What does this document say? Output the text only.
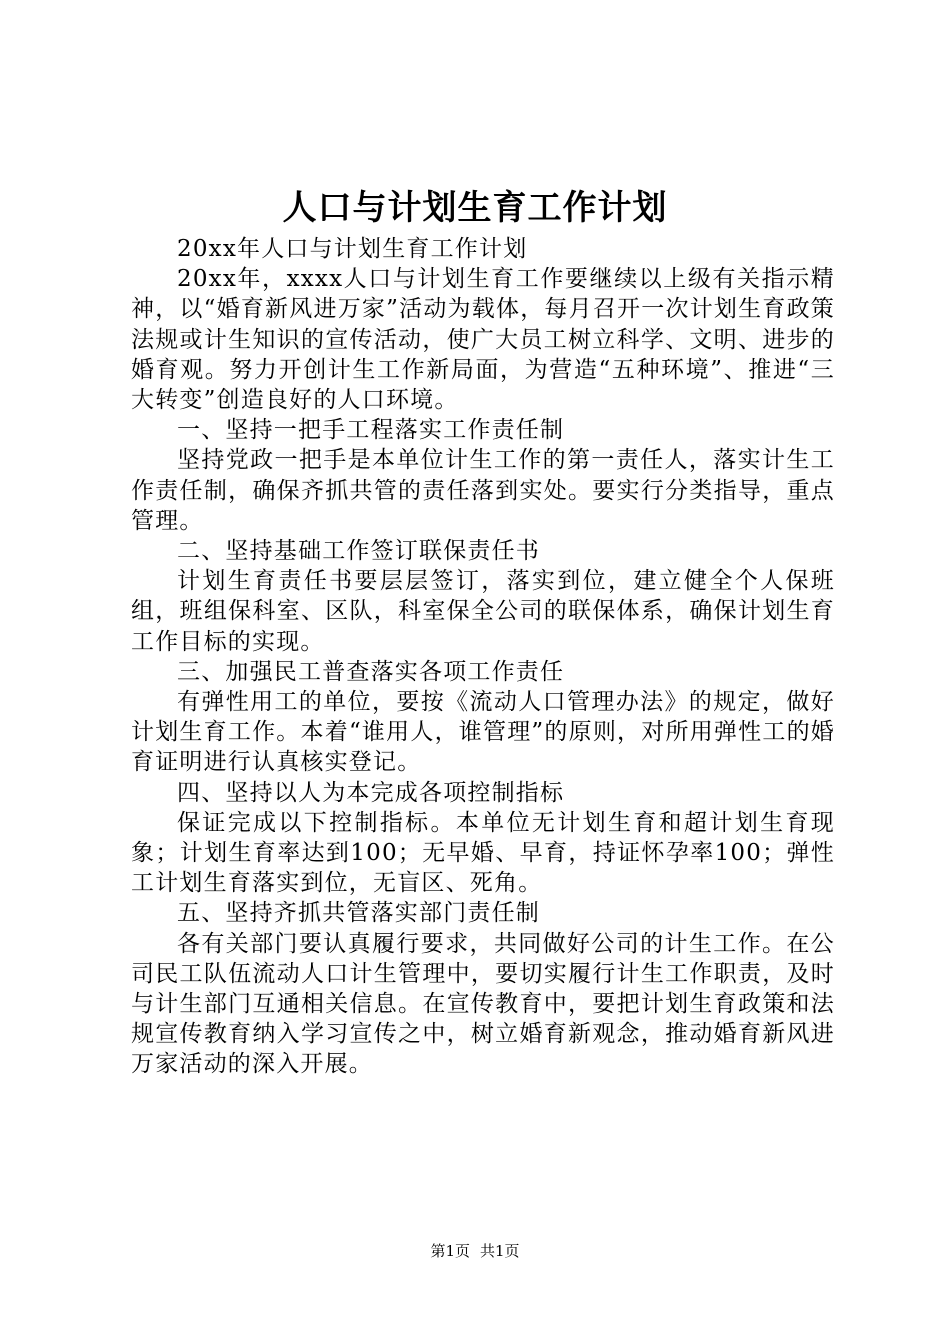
人口与计划生育工作计划

20xx年人口与计划生育工作计划

20xx年，xxxx人口与计划生育工作要继续以上级有关指示精神，以“婚育新风进万家”活动为载体，每月召开一次计划生育政策法规或计生知识的宣传活动，使广大员工树立科学、文明、进步的婚育观。努力开创计生工作新局面，为营造“五种环境”、推进“三大转变”创造良好的人口环境。

一、坚持一把手工程落实工作责任制

坚持党政一把手是本单位计生工作的第一责任人，落实计生工作责任制，确保齐抓共管的责任落到实处。要实行分类指导，重点管理。

二、坚持基础工作签订联保责任书

计划生育责任书要层层签订，落实到位，建立健全个人保班组，班组保科室、区队，科室保全公司的联保体系，确保计划生育工作目标的实现。

三、加强民工普查落实各项工作责任

有弹性用工的单位，要按《流动人口管理办法》的规定，做好计划生育工作。本着“谁用人，谁管理”的原则，对所用弹性工的婚育证明进行认真核实登记。

四、坚持以人为本完成各项控制指标

保证完成以下控制指标。本单位无计划生育和超计划生育现象；计划生育率达到100；无早婚、早育，持证怀孕率100；弹性工计划生育落实到位，无盲区、死角。

五、坚持齐抓共管落实部门责任制

各有关部门要认真履行要求，共同做好公司的计生工作。在公司民工队伍流动人口计生管理中，要切实履行计生工作职责，及时与计生部门互通相关信息。在宣传教育中，要把计划生育政策和法规宣传教育纳入学习宣传之中，树立婚育新观念，推动婚育新风进万家活动的深入开展。

第1页 共1页
